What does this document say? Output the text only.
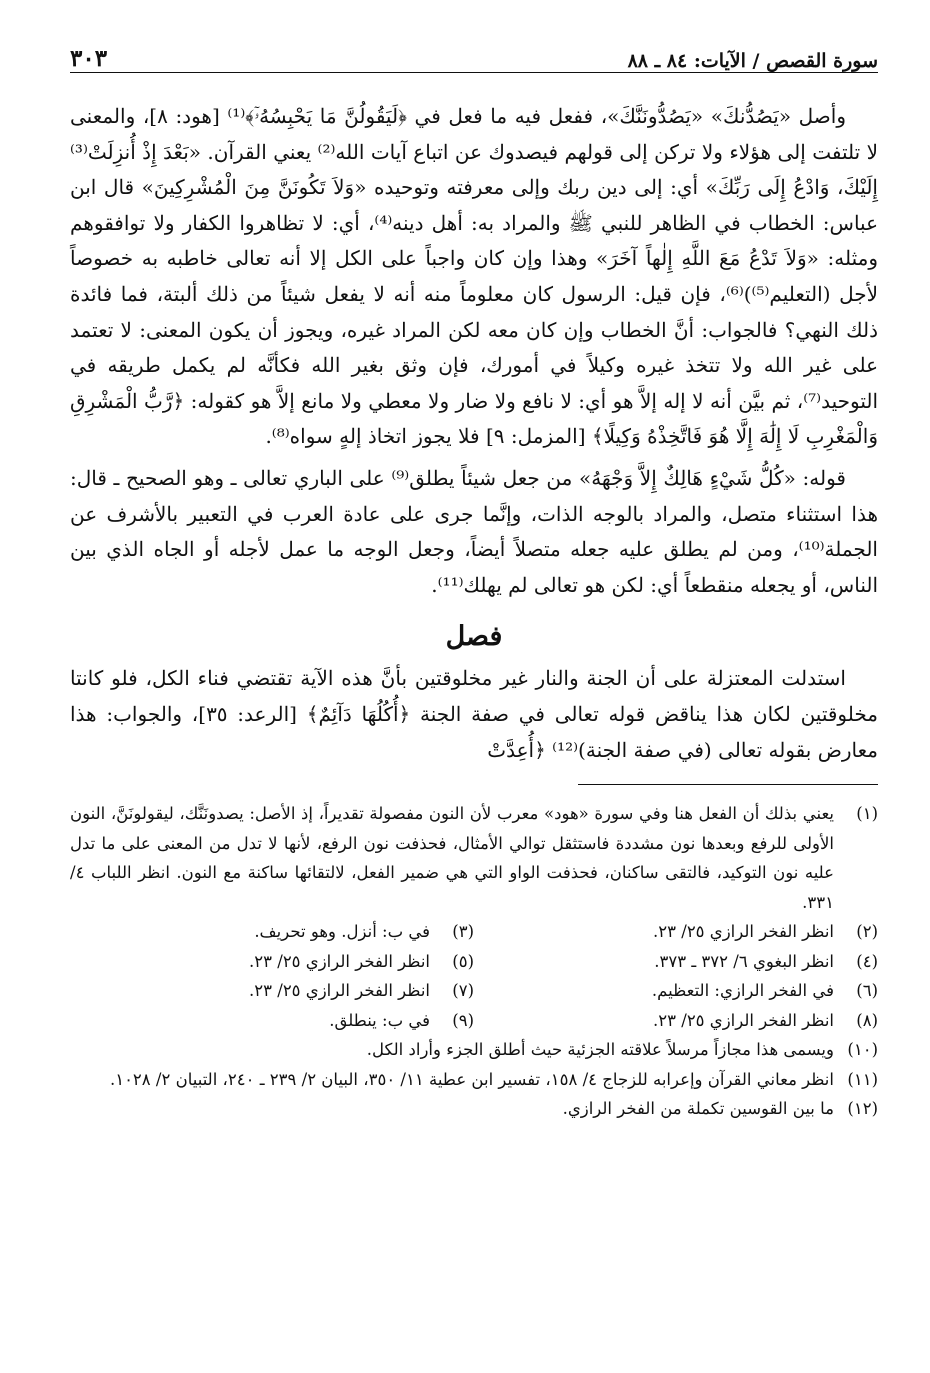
سورة القصص / الآيات: ٨٤ ـ ٨٨
٣٠٣

وأصل «يَصُدُّنكَ» «يَصُدُّونَنَّكَ»، ففعل فيه ما فعل في ﴿لَيَقُولُنَّ مَا يَحْبِسُهُۥٓ﴾⁽¹⁾ [هود: ٨]، والمعنى لا تلتفت إلى هؤلاء ولا تركن إلى قولهم فيصدوك عن اتباع آيات الله⁽²⁾ يعني القرآن. «بَعْدَ إِذْ أُنزِلَتْ⁽³⁾ إِلَيْكَ، وَادْعُ إِلَى رَبِّكَ» أي: إلى دين ربك وإلى معرفته وتوحيده «وَلاَ تَكُونَنَّ مِنَ الْمُشْرِكِينَ» قال ابن عباس: الخطاب في الظاهر للنبي ﷺ والمراد به: أهل دينه⁽⁴⁾، أي: لا تظاهروا الكفار ولا توافقوهم ومثله: «وَلاَ تَدْعُ مَعَ اللَّهِ إِلٰهاً آخَرَ» وهذا وإن كان واجباً على الكل إلا أنه تعالى خاطبه به خصوصاً لأجل (التعليم⁽⁵⁾)⁽⁶⁾، فإن قيل: الرسول كان معلوماً منه أنه لا يفعل شيئاً من ذلك ألبتة، فما فائدة ذلك النهي؟ فالجواب: أنَّ الخطاب وإن كان معه لكن المراد غيره، ويجوز أن يكون المعنى: لا تعتمد على غير الله ولا تتخذ غيره وكيلاً في أمورك، فإن وثق بغير الله فكأنَّه لم يكمل طريقه في التوحيد⁽⁷⁾، ثم بيَّن أنه لا إله إلاَّ هو أي: لا نافع ولا ضار ولا معطي ولا مانع إلاَّ هو كقوله: ﴿رَّبُّ الْمَشْرِقِ وَالْمَغْرِبِ لَا إِلَٰهَ إِلَّا هُوَ فَاتَّخِذْهُ وَكِيلًا﴾ [المزمل: ٩] فلا يجوز اتخاذ إلهٍ سواه⁽⁸⁾.

قوله: «كُلُّ شَيْءٍ هَالِكٌ إِلاَّ وَجْهَهُ» من جعل شيئاً يطلق⁽⁹⁾ على الباري تعالى ـ وهو الصحيح ـ قال: هذا استثناء متصل، والمراد بالوجه الذات، وإنَّما جرى على عادة العرب في التعبير بالأشرف عن الجملة⁽¹⁰⁾، ومن لم يطلق عليه جعله متصلاً أيضاً، وجعل الوجه ما عمل لأجله أو الجاه الذي بين الناس، أو يجعله منقطعاً أي: لكن هو تعالى لم يهلك⁽¹¹⁾.

فصل

استدلت المعتزلة على أن الجنة والنار غير مخلوقتين بأنَّ هذه الآية تقتضي فناء الكل، فلو كانتا مخلوقتين لكان هذا يناقض قوله تعالى في صفة الجنة ﴿أُكُلُهَا دَآئِمٌ﴾ [الرعد: ٣٥]، والجواب: هذا معارض بقوله تعالى (في صفة الجنة)⁽¹²⁾ ﴿أُعِدَّتْ

(١)
يعني بذلك أن الفعل هنا وفي سورة «هود» معرب لأن النون مفصولة تقديراً، إذ الأصل: يصدونَنَّك، ليقولونَنَّ، النون الأولى للرفع وبعدها نون مشددة فاستثقل توالي الأمثال، فحذفت نون الرفع، لأنها لا تدل من المعنى على ما تدل عليه نون التوكيد، فالتقى ساكنان، فحذفت الواو التي هي ضمير الفعل، لالتقائها ساكنة مع النون. انظر اللباب ٤/ ٣٣١.
(٢)
انظر الفخر الرازي ٢٥/ ٢٣.
(٣)
في ب: أنزل. وهو تحريف.
(٤)
انظر البغوي ٦/ ٣٧٢ ـ ٣٧٣.
(٥)
انظر الفخر الرازي ٢٥/ ٢٣.
(٦)
في الفخر الرازي: التعظيم.
(٧)
انظر الفخر الرازي ٢٥/ ٢٣.
(٨)
انظر الفخر الرازي ٢٥/ ٢٣.
(٩)
في ب: ينطلق.
(١٠)
ويسمى هذا مجازاً مرسلاً علاقته الجزئية حيث أطلق الجزء وأراد الكل.
(١١)
انظر معاني القرآن وإعرابه للزجاج ٤/ ١٥٨، تفسير ابن عطية ١١/ ٣٥٠، البيان ٢/ ٢٣٩ ـ ٢٤٠، التبيان ٢/ ١٠٢٨.
(١٢)
ما بين القوسين تكملة من الفخر الرازي.
